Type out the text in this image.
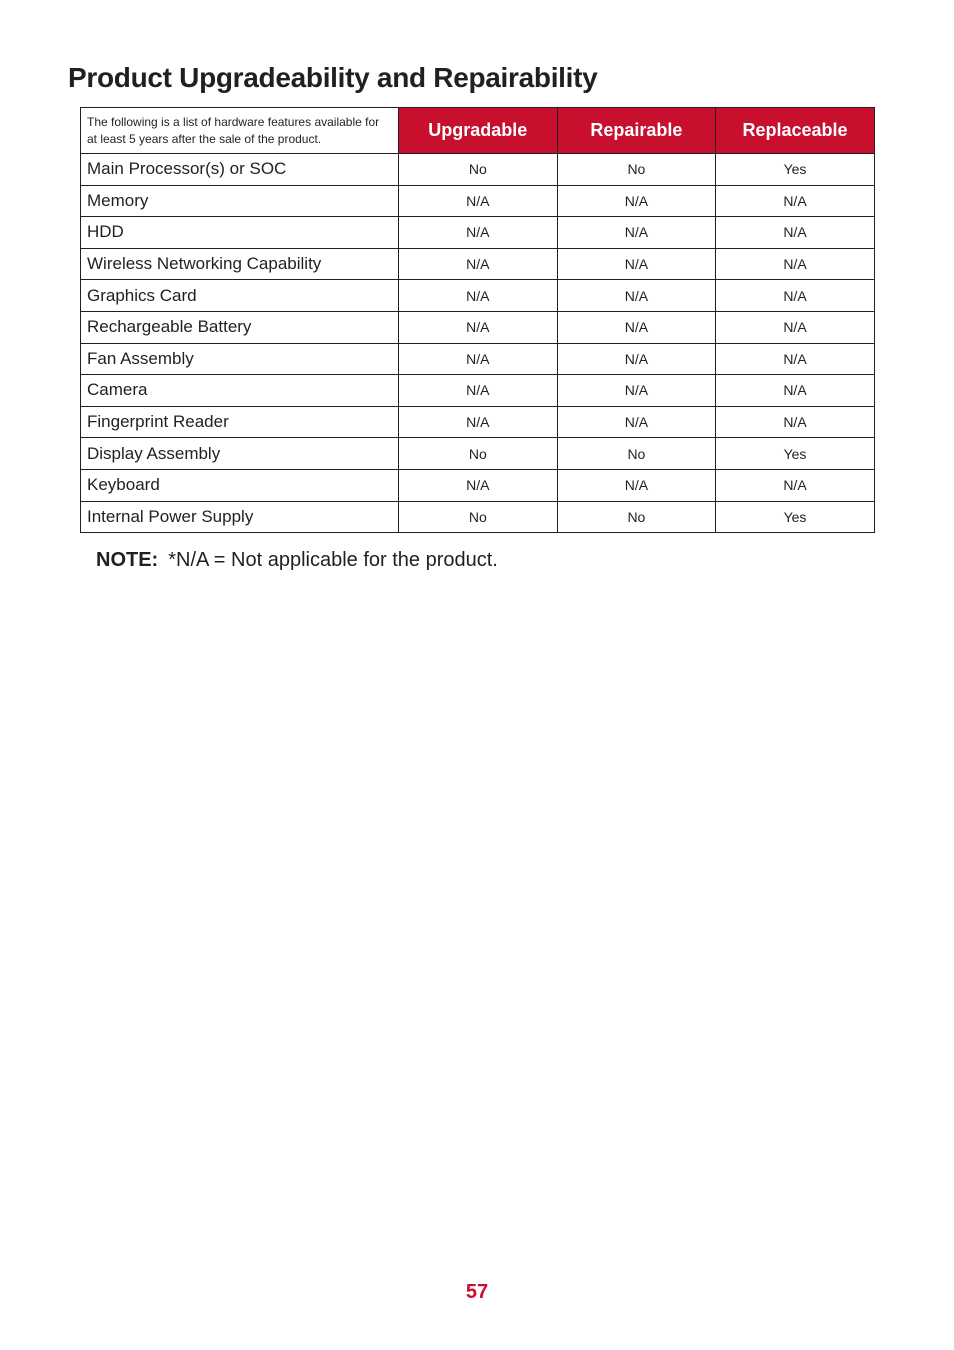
Product Upgradeability and Repairability
The following is a list of hardware features available for at least 5 years after the sale of the product.	Upgradable	Repairable	Replaceable
Main Processor(s) or SOC	No	No	Yes
Memory	N/A	N/A	N/A
HDD	N/A	N/A	N/A
Wireless Networking Capability	N/A	N/A	N/A
Graphics Card	N/A	N/A	N/A
Rechargeable Battery	N/A	N/A	N/A
Fan Assembly	N/A	N/A	N/A
Camera	N/A	N/A	N/A
Fingerprint Reader	N/A	N/A	N/A
Display Assembly	No	No	Yes
Keyboard	N/A	N/A	N/A
Internal Power Supply	No	No	Yes
NOTE: *N/A = Not applicable for the product.
57
